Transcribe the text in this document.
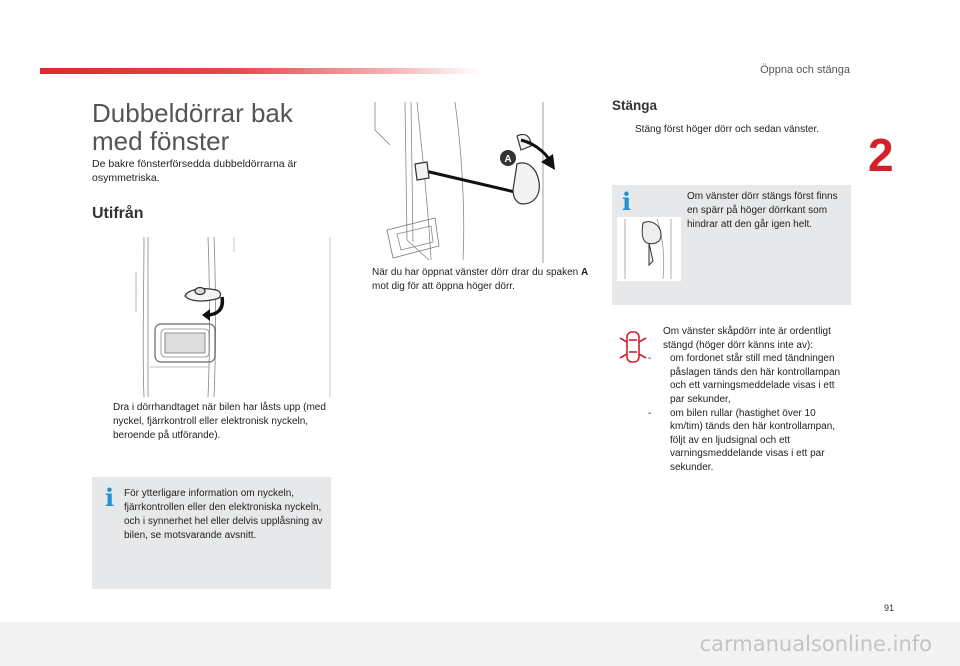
Öppna och stänga
2
Dubbeldörrar bak
med fönster
De bakre fönsterförsedda dubbeldörrarna är osymmetriska.
Utifrån
Dra i dörrhandtaget när bilen har låsts upp (med nyckel, fjärrkontroll eller elektronisk nyckeln, beroende på utförande).
i För ytterligare information om nyckeln, fjärrkontrollen eller den elektroniska nyckeln, och i synnerhet hel eller delvis upplåsning av bilen, se motsvarande avsnitt.
A
När du har öppnat vänster dörr drar du spaken A mot dig för att öppna höger dörr.
Stänga
Stäng först höger dörr och sedan vänster.
i	Om vänster dörr stängs först finns en spärr på höger dörrkant som hindrar att den går igen helt.
Om vänster skåpdörr inte är ordentligt stängd (höger dörr känns inte av):
- om fordonet står still med tändningen påslagen tänds den här kontrollampan och ett varningsmeddelade visas i ett par sekunder,
- om bilen rullar (hastighet över 10 km/tim) tänds den här kontrollampan, följt av en ljudsignal och ett varningsmeddelande visas i ett par sekunder.
91
carmanualsonline.info
